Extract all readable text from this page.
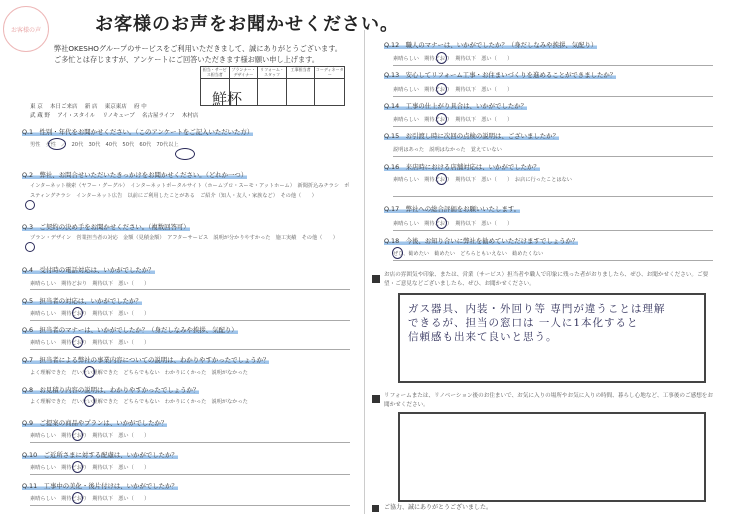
お客様の声	お客様のお声をお聞かせください。
弊社OKESHOグループのサービスをご利用いただきまして、誠にありがとうございます。
ご多忙とは存じますが、アンケートにご回答いただきます様お願い申し上げます。
担当・サービス担当者
プランナー・デザイナー
リフォーム・スタッフ
工事担当者	コーディネーター
鮮杯
東 京　 本日ご来店　 新 店　 東京東店　 府 中
武 蔵 野　 アイ・スタイル　 リノキューブ　 名古屋ライフ　 木村店
Q.1　性別・年代をお聞かせください。（このアンケートをご記入いただいた方）
男性　女性　／　20代　30代　40代　50代　60代　70代以上
Q.2　弊社、お問合せいただいたきっかけをお聞かせください。（どれか一つ）
インターネット検索（ヤフー・グーグル）　インターネットポータルサイト（ホームプロ・スーモ・アットホーム）　新聞折込みチラシ　ポスティングチラシ　インターネット広告　以前にご利用したことがある　ご紹介（知人・友人・家族など）　その他（　　）
Q.3　ご契約の決め手をお聞かせください。（複数回答可）
プラン・デザイン　営業担当者の対応　金額（見積金額）　アフターサービス　説明が分かりやすかった　施工実績　その他（　　）
Q.4　受付時の電話対応は、いかがでしたか？
素晴らしい　期待どおり　期待以下　悪い（　　）
Q.5　担当者の対応は、いかがでしたか？
素晴らしい　期待どおり　期待以下　悪い（　　）
Q.6　担当者のマナーは、いかがでしたか？（身だしなみや挨拶、気配り）
素晴らしい　期待どおり　期待以下　悪い（　　）
Q.7　担当者による弊社の事業内容についての説明は、わかりやすかったでしょうか？
よく理解できた　だいたい理解できた　どちらでもない　わかりにくかった　説明がなかった
Q.8　お見積り内容の説明は、わかりやすかったでしょうか？
よく理解できた　だいたい理解できた　どちらでもない　わかりにくかった　説明がなかった
Q.9　ご提案の商品やプランは、いかがでしたか？
素晴らしい　期待どおり　期待以下　悪い（　　）
Q.10　ご近所さまに対する配慮は、いかがでしたか？
素晴らしい　期待どおり　期待以下　悪い（　　）
Q.11　工事中の美化・後片付けは、いかがでしたか？
素晴らしい　期待どおり　期待以下　悪い（　　）
Q.12　職人のマナーは、いかがでしたか？（身だしなみや挨拶、気配り）
素晴らしい　期待どおり　期待以下　悪い（　　）
Q.13　安心してリフォーム工事・お住まいづくりを進めることができましたか？
素晴らしい　期待どおり　期待以下　悪い（　　）
Q.14　工事の仕上がり具合は、いかがでしたか？
素晴らしい　期待どおり　期待以下　悪い（　　）
Q.15　お引渡し時に次回の点検の説明は、ございましたか？
説明はあった　説明はなかった　覚えていない
Q.16　来店時における店舗対応は、いかがでしたか？
素晴らしい　期待どおり　期待以下　悪い（　　）　お店に行ったことはない
Q.17　弊社への総合評価をお願いいたします。
素晴らしい　期待どおり　期待以下　悪い（　　）
Q.18　今後、お知り合いに弊社を勧めていただけますでしょうか？
ぜひ、勧めたい　勧めたい　どちらともいえない　勧めたくない
お店の雰囲気や印象、または、営業（サービス）担当者や職人で印象に残った者がおりましたら、ぜひ、お聞かせください。ご要望・ご意見などございましたら、ぜひ、お聞かせください。
ガス器具、内装・外回り等 専門が違うことは理解
できるが、担当の窓口は 一人に1本化すると
信頼感も出来て良いと思う。
リフォームまたは、リノベーション後のお住まいで、お気に入りの場所やお気に入りの時間、暮らし心地など、工事後のご感想をお聞かせください。
ご協力、誠にありがとうございました。
